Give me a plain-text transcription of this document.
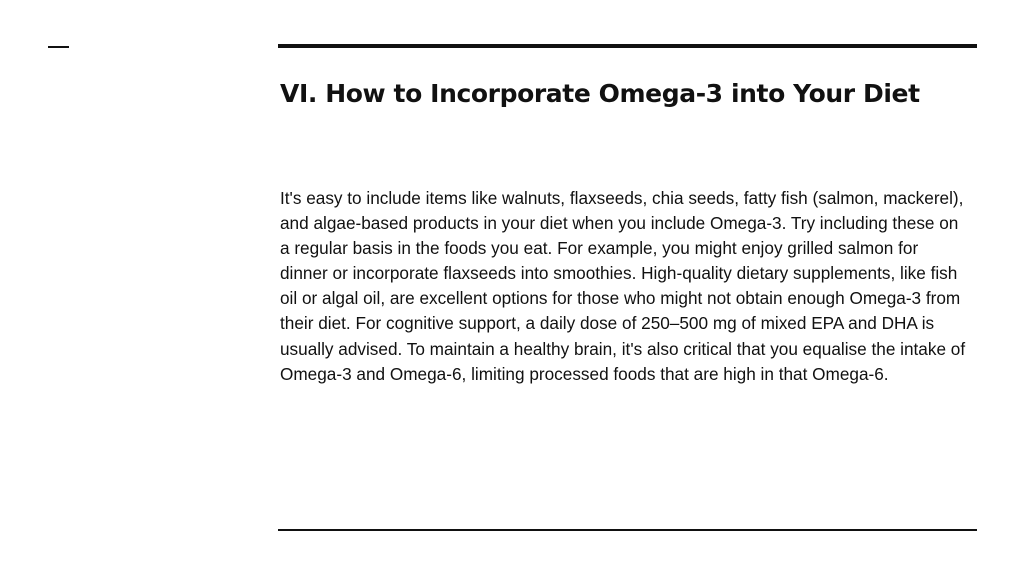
VI. How to Incorporate Omega-3 into Your Diet

It's easy to include items like walnuts, flaxseeds, chia seeds, fatty fish (salmon, mackerel), and algae-based products in your diet when you include Omega-3. Try including these on a regular basis in the foods you eat. For example, you might enjoy grilled salmon for dinner or incorporate flaxseeds into smoothies. High-quality dietary supplements, like fish oil or algal oil, are excellent options for those who might not obtain enough Omega-3 from their diet. For cognitive support, a daily dose of 250–500 mg of mixed EPA and DHA is usually advised. To maintain a healthy brain, it's also critical that you equalise the intake of Omega-3 and Omega-6, limiting processed foods that are high in that Omega-6.
